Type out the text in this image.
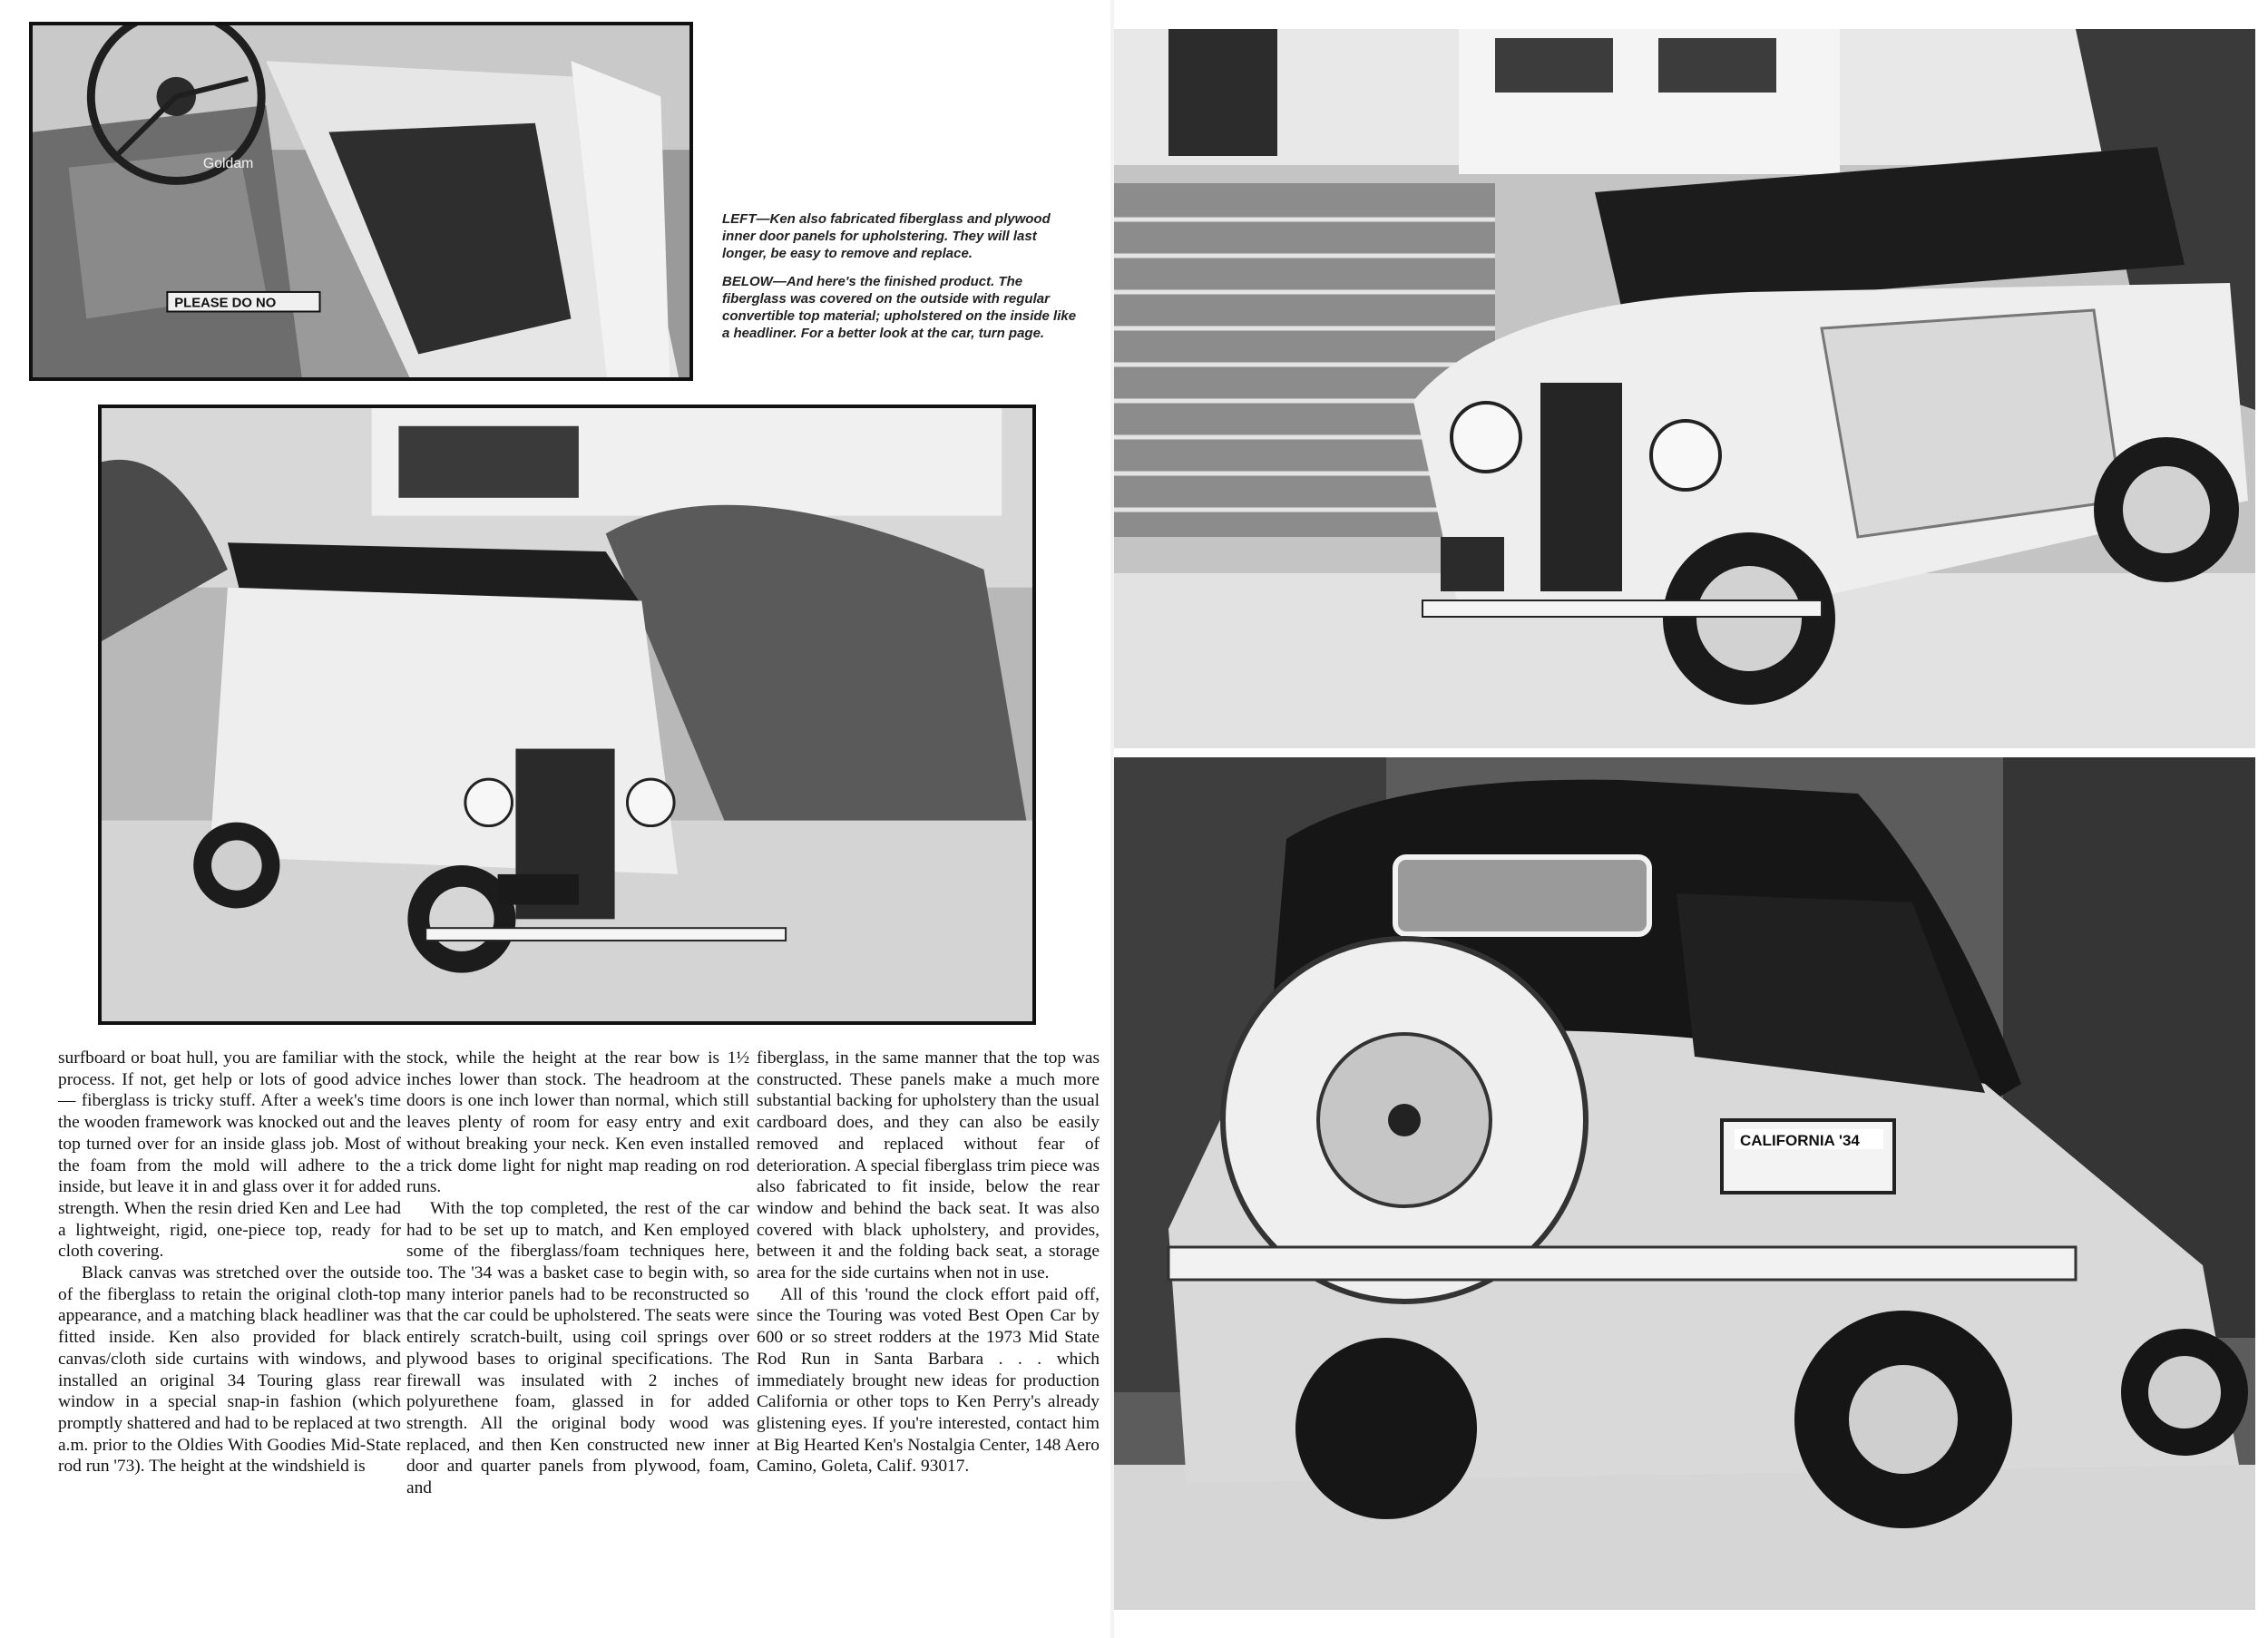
PLEASE DO NO
Goldam

LEFT—Ken also fabricated fiberglass and plywood inner door panels for upholstering. They will last longer, be easy to remove and replace.

BELOW—And here's the finished product. The fiberglass was covered on the outside with regular convertible top material; upholstered on the inside like a headliner. For a better look at the car, turn page.

CALIFORNIA '34

surfboard or boat hull, you are familiar with the process. If not, get help or lots of good advice — fiberglass is tricky stuff. After a week's time the wooden framework was knocked out and the top turned over for an inside glass job. Most of the foam from the mold will adhere to the inside, but leave it in and glass over it for added strength. When the resin dried Ken and Lee had a lightweight, rigid, one-piece top, ready for cloth covering.

Black canvas was stretched over the outside of the fiberglass to retain the original cloth-top appearance, and a matching black headliner was fitted inside. Ken also provided for black canvas/cloth side curtains with windows, and installed an original 34 Touring glass rear window in a special snap-in fashion (which promptly shattered and had to be replaced at two a.m. prior to the Oldies With Goodies Mid-State rod run '73). The height at the windshield is

stock, while the height at the rear bow is 1½ inches lower than stock. The headroom at the doors is one inch lower than normal, which still leaves plenty of room for easy entry and exit without breaking your neck. Ken even installed a trick dome light for night map reading on rod runs.

With the top completed, the rest of the car had to be set up to match, and Ken employed some of the fiberglass/foam techniques here, too. The '34 was a basket case to begin with, so many interior panels had to be reconstructed so that the car could be upholstered. The seats were entirely scratch-built, using coil springs over plywood bases to original specifications. The firewall was insulated with 2 inches of polyurethene foam, glassed in for added strength. All the original body wood was replaced, and then Ken constructed new inner door and quarter panels from plywood, foam, and

fiberglass, in the same manner that the top was constructed. These panels make a much more substantial backing for upholstery than the usual cardboard does, and they can also be easily removed and replaced without fear of deterioration. A special fiberglass trim piece was also fabricated to fit inside, below the rear window and behind the back seat. It was also covered with black upholstery, and provides, between it and the folding back seat, a storage area for the side curtains when not in use.

All of this 'round the clock effort paid off, since the Touring was voted Best Open Car by 600 or so street rodders at the 1973 Mid State Rod Run in Santa Barbara . . . which immediately brought new ideas for production California or other tops to Ken Perry's already glistening eyes. If you're interested, contact him at Big Hearted Ken's Nostalgia Center, 148 Aero Camino, Goleta, Calif. 93017.
